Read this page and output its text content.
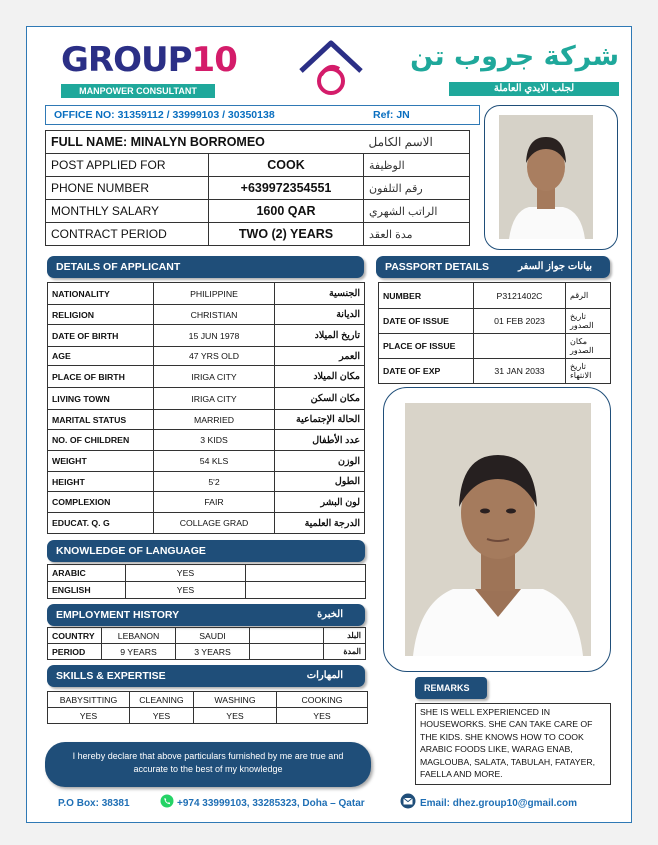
GROUP10
MANPOWER CONSULTANT
شركة جروب تن
لجلب الايدي العاملة
OFFICE NO: 31359112 / 33999103 / 30350138	Ref: JN
FULL NAME: MINALYN BORROMEO		الاسم الكامل
POST APPLIED FOR	COOK	الوظيفة
PHONE NUMBER	+639972354551	رقم التلفون
MONTHLY SALARY	1600 QAR	الراتب الشهري
CONTRACT PERIOD	TWO (2) YEARS	مدة العقد
DETAILS OF APPLICANT
NATIONALITY	PHILIPPINE	الجنسية
RELIGION	CHRISTIAN	الديانة
DATE OF BIRTH	15 JUN 1978	تاريخ الميلاد
AGE	47 YRS OLD	العمر
PLACE OF BIRTH	IRIGA CITY	مكان الميلاد
LIVING TOWN	IRIGA CITY	مكان السكن
MARITAL STATUS	MARRIED	الحالة الإجتماعية
NO. OF CHILDREN	3 KIDS	عدد الأطفال
WEIGHT	54 KLS	الوزن
HEIGHT	5'2	الطول
COMPLEXION	FAIR	لون البشر
EDUCAT. Q. G	COLLAGE GRAD	الدرجة العلمية
PASSPORT DETAILS	بيانات جواز السفر
NUMBER	P3121402C	الرقم
DATE OF ISSUE	01 FEB 2023	تاريخ الصدور
PLACE OF ISSUE		مكان الصدور
DATE OF EXP	31 JAN 2033	تاريخ الانتهاء
KNOWLEDGE OF LANGUAGE
ARABIC	YES	
ENGLISH	YES	
EMPLOYMENT HISTORY	الخبرة
COUNTRY	LEBANON	SAUDI		البلد
PERIOD	9 YEARS	3 YEARS		المدة
SKILLS & EXPERTISE	المهارات
BABYSITTING	CLEANING	WASHING	COOKING
YES	YES	YES	YES
REMARKS
SHE IS WELL EXPERIENCED IN HOUSEWORKS. SHE CAN TAKE CARE OF THE KIDS. SHE KNOWS HOW TO COOK ARABIC FOODS LIKE, WARAG ENAB, MAGLOUBA, SALATA, TABULAH, FATAYER, FAELLA AND MORE.
I hereby declare that above particulars furnished by me are true and accurate to the best of my knowledge
P.O Box: 38381	+974 33999103, 33285323, Doha – Qatar	Email: dhez.group10@gmail.com
